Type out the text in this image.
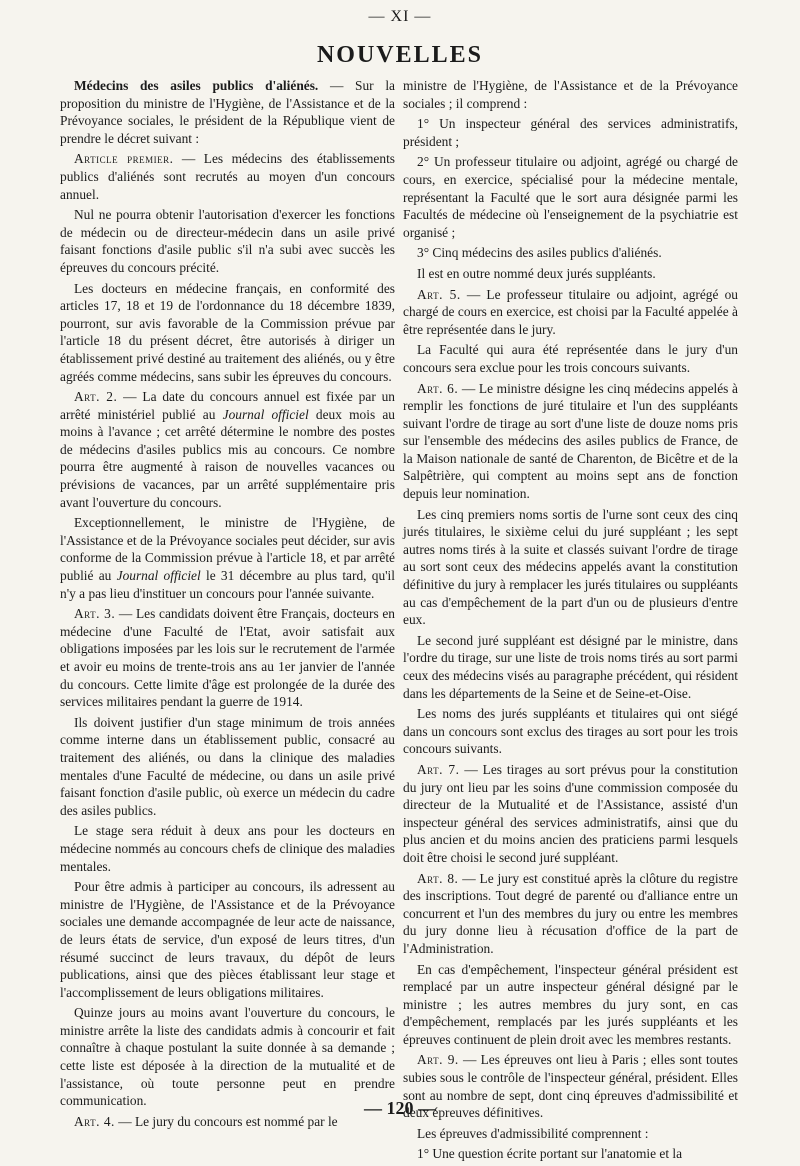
— XI —
NOUVELLES

Médecins des asiles publics d'aliénés. — Sur la proposition du ministre de l'Hygiène, de l'Assistance et de la Prévoyance sociales, le président de la République vient de prendre le décret suivant :

Article premier. — Les médecins des établissements publics d'aliénés sont recrutés au moyen d'un concours annuel.

Nul ne pourra obtenir l'autorisation d'exercer les fonctions de médecin ou de directeur-médecin dans un asile privé faisant fonctions d'asile public s'il n'a subi avec succès les épreuves du concours précité.

Les docteurs en médecine français, en conformité des articles 17, 18 et 19 de l'ordonnance du 18 décembre 1839, pourront, sur avis favorable de la Commission prévue par l'article 18 du présent décret, être autorisés à diriger un établissement privé destiné au traitement des aliénés, ou y être agréés comme médecins, sans subir les épreuves du concours.

Art. 2. — La date du concours annuel est fixée par un arrêté ministériel publié au Journal officiel deux mois au moins à l'avance ; cet arrêté détermine le nombre des postes de médecins d'asiles publics mis au concours. Ce nombre pourra être augmenté à raison de nouvelles vacances ou prévisions de vacances, par un arrêté supplémentaire pris avant l'ouverture du concours.

Exceptionnellement, le ministre de l'Hygiène, de l'Assistance et de la Prévoyance sociales peut décider, sur avis conforme de la Commission prévue à l'article 18, et par arrêté publié au Journal officiel le 31 décembre au plus tard, qu'il n'y a pas lieu d'instituer un concours pour l'année suivante.

Art. 3. — Les candidats doivent être Français, docteurs en médecine d'une Faculté de l'Etat, avoir satisfait aux obligations imposées par les lois sur le recrutement de l'armée et avoir eu moins de trente-trois ans au 1er janvier de l'année du concours. Cette limite d'âge est prolongée de la durée des services militaires pendant la guerre de 1914.

Ils doivent justifier d'un stage minimum de trois années comme interne dans un établissement public, consacré au traitement des aliénés, ou dans la clinique des maladies mentales d'une Faculté de médecine, ou dans un asile privé faisant fonction d'asile public, où exerce un médecin du cadre des asiles publics.

Le stage sera réduit à deux ans pour les docteurs en médecine nommés au concours chefs de clinique des maladies mentales.

Pour être admis à participer au concours, ils adressent au ministre de l'Hygiène, de l'Assistance et de la Prévoyance sociales une demande accompagnée de leur acte de naissance, de leurs états de service, d'un exposé de leurs titres, d'un résumé succinct de leurs travaux, du dépôt de leurs publications, ainsi que des pièces établissant leur stage et l'accomplissement de leurs obligations militaires.

Quinze jours au moins avant l'ouverture du concours, le ministre arrête la liste des candidats admis à concourir et fait connaître à chaque postulant la suite donnée à sa demande ; cette liste est déposée à la direction de la mutualité et de l'assistance, où toute personne peut en prendre communication.

Art. 4. — Le jury du concours est nommé par le

ministre de l'Hygiène, de l'Assistance et de la Prévoyance sociales ; il comprend :

1° Un inspecteur général des services administratifs, président ;

2° Un professeur titulaire ou adjoint, agrégé ou chargé de cours, en exercice, spécialisé pour la médecine mentale, représentant la Faculté que le sort aura désignée parmi les Facultés de médecine où l'enseignement de la psychiatrie est organisé ;

3° Cinq médecins des asiles publics d'aliénés.

Il est en outre nommé deux jurés suppléants.

Art. 5. — Le professeur titulaire ou adjoint, agrégé ou chargé de cours en exercice, est choisi par la Faculté appelée à être représentée dans le jury.

La Faculté qui aura été représentée dans le jury d'un concours sera exclue pour les trois concours suivants.

Art. 6. — Le ministre désigne les cinq médecins appelés à remplir les fonctions de juré titulaire et l'un des suppléants suivant l'ordre de tirage au sort d'une liste de douze noms pris sur l'ensemble des médecins des asiles publics de France, de la Maison nationale de santé de Charenton, de Bicêtre et de la Salpêtrière, qui comptent au moins sept ans de fonction depuis leur nomination.

Les cinq premiers noms sortis de l'urne sont ceux des cinq jurés titulaires, le sixième celui du juré suppléant ; les sept autres noms tirés à la suite et classés suivant l'ordre de tirage au sort sont ceux des médecins appelés avant la constitution définitive du jury à remplacer les jurés titulaires ou suppléants au cas d'empêchement de la part d'un ou de plusieurs d'entre eux.

Le second juré suppléant est désigné par le ministre, dans l'ordre du tirage, sur une liste de trois noms tirés au sort parmi ceux des médecins visés au paragraphe précédent, qui résident dans les départements de la Seine et de Seine-et-Oise.

Les noms des jurés suppléants et titulaires qui ont siégé dans un concours sont exclus des tirages au sort pour les trois concours suivants.

Art. 7. — Les tirages au sort prévus pour la constitution du jury ont lieu par les soins d'une commission composée du directeur de la Mutualité et de l'Assistance, assisté d'un inspecteur général des services administratifs, ainsi que du plus ancien et du moins ancien des praticiens parmi lesquels doit être choisi le second juré suppléant.

Art. 8. — Le jury est constitué après la clôture du registre des inscriptions. Tout degré de parenté ou d'alliance entre un concurrent et l'un des membres du jury ou entre les membres du jury donne lieu à récusation d'office de la part de l'Administration.

En cas d'empêchement, l'inspecteur général président est remplacé par un autre inspecteur général désigné par le ministre ; les autres membres du jury sont, en cas d'empêchement, remplacés par les jurés suppléants et les épreuves continuent de plein droit avec les membres restants.

Art. 9. — Les épreuves ont lieu à Paris ; elles sont toutes subies sous le contrôle de l'inspecteur général, président. Elles sont au nombre de sept, dont cinq épreuves d'admissibilité et deux épreuves définitives.

Les épreuves d'admissibilité comprennent :

1° Une question écrite portant sur l'anatomie et la

— 120 —
